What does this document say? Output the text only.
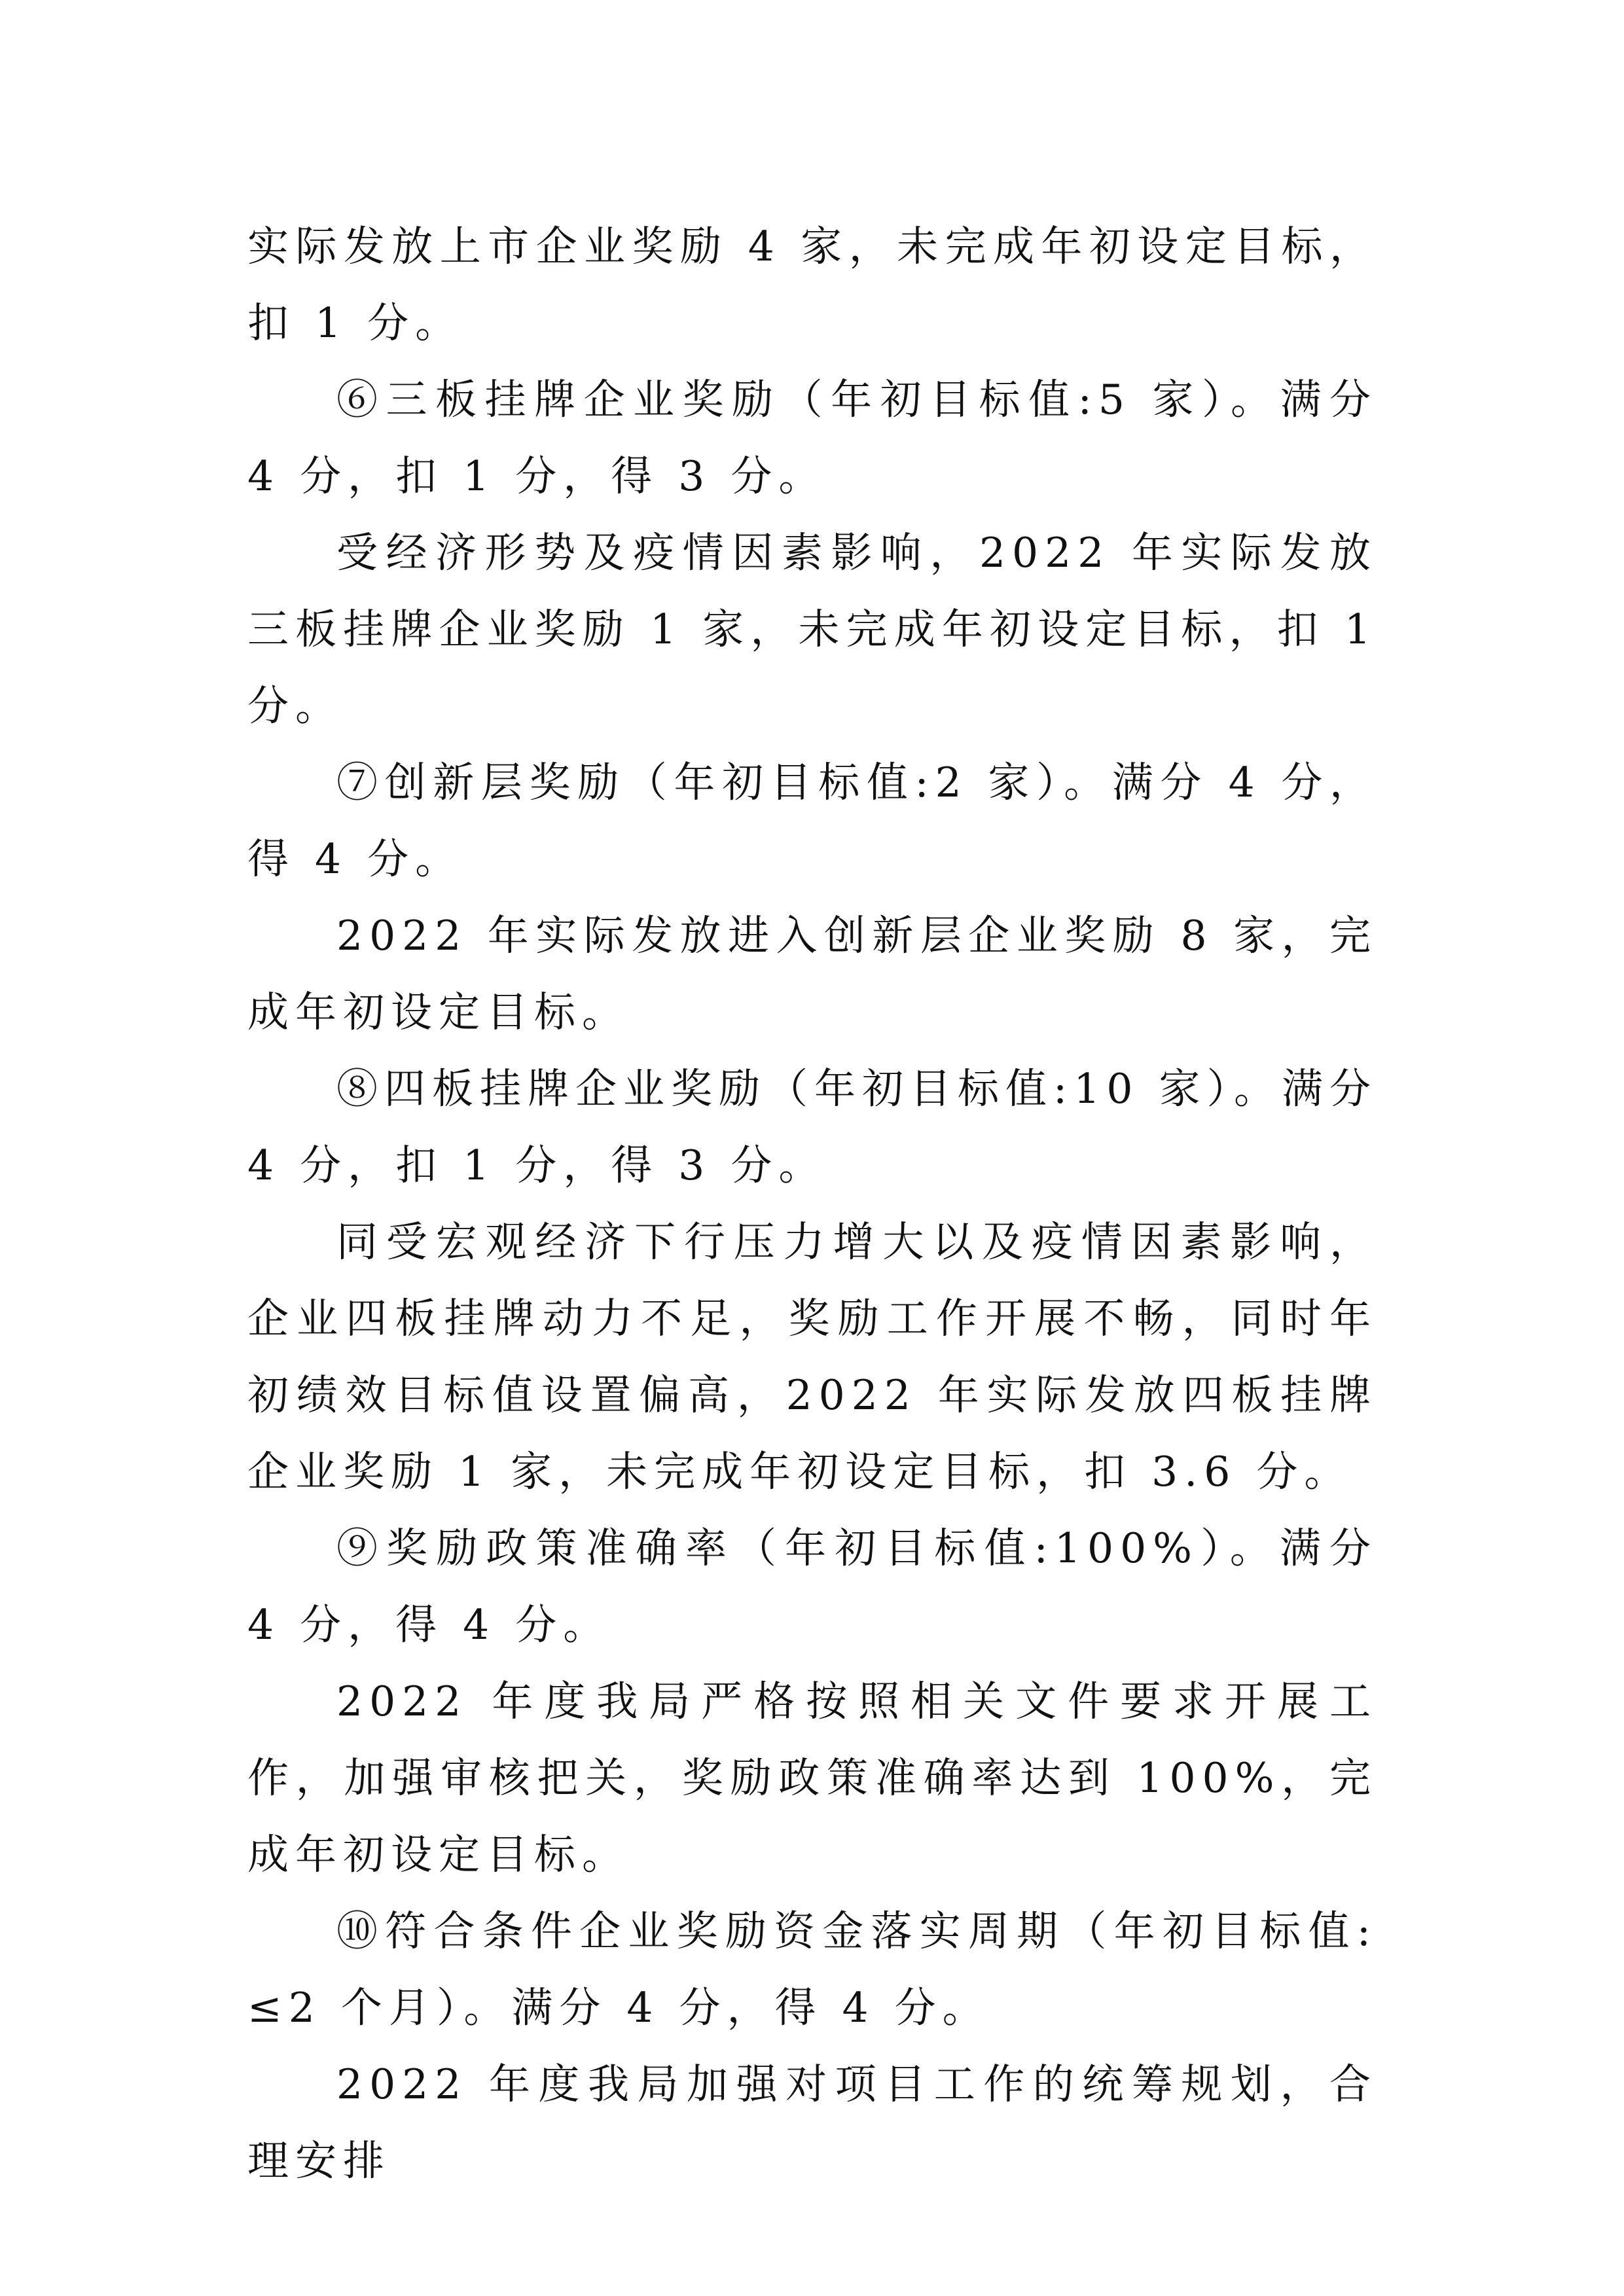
实际发放上市企业奖励 4 家，未完成年初设定目标，扣 1 分。

⑥三板挂牌企业奖励（年初目标值:5 家）。满分 4 分，扣 1 分，得 3 分。

受经济形势及疫情因素影响，2022 年实际发放三板挂牌企业奖励 1 家，未完成年初设定目标，扣 1 分。

⑦创新层奖励（年初目标值:2 家）。满分 4 分，得 4 分。

2022 年实际发放进入创新层企业奖励 8 家，完成年初设定目标。

⑧四板挂牌企业奖励（年初目标值:10 家）。满分 4 分，扣 1 分，得 3 分。

同受宏观经济下行压力增大以及疫情因素影响，企业四板挂牌动力不足，奖励工作开展不畅，同时年初绩效目标值设置偏高，2022 年实际发放四板挂牌企业奖励 1 家，未完成年初设定目标，扣 3.6 分。

⑨奖励政策准确率（年初目标值:100%）。满分 4 分，得 4 分。

2022 年度我局严格按照相关文件要求开展工作，加强审核把关，奖励政策准确率达到 100%，完成年初设定目标。

⑩符合条件企业奖励资金落实周期（年初目标值:≤2 个月）。满分 4 分，得 4 分。

2022 年度我局加强对项目工作的统筹规划，合理安排
